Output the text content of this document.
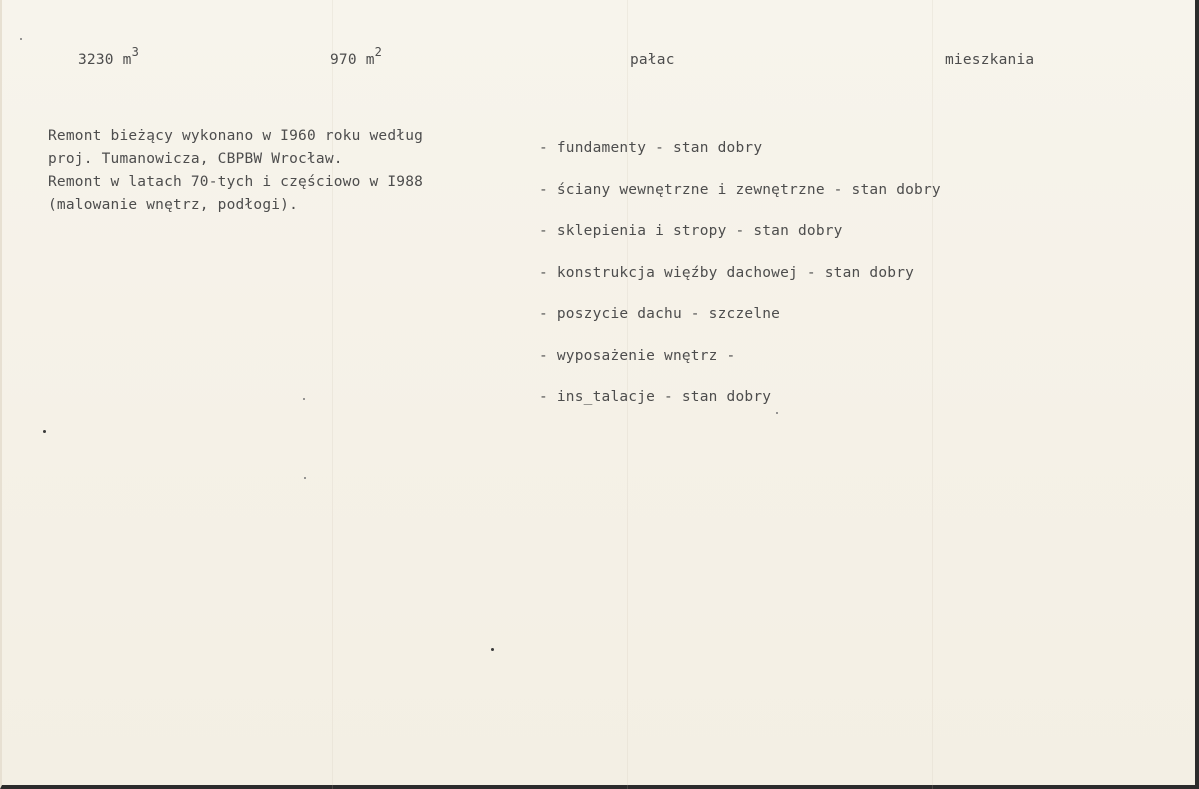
3230 $m^3$	970 $m^2$	pałac	mieszkania
Remont bieżący wykonano w I960 roku według
proj. Tumanowicza, CBPBW Wrocław.
Remont w latach 70-tych i częściowo w I988
(malowanie wnętrz, podłogi).
- fundamenty - stan dobry
- ściany wewnętrzne i zewnętrzne - stan dobry
- sklepienia i stropy - stan dobry
- konstrukcja więźby dachowej - stan dobry
- poszycie dachu - szczelne
- wyposażenie wnętrz -
- ins_talacje - stan dobry
